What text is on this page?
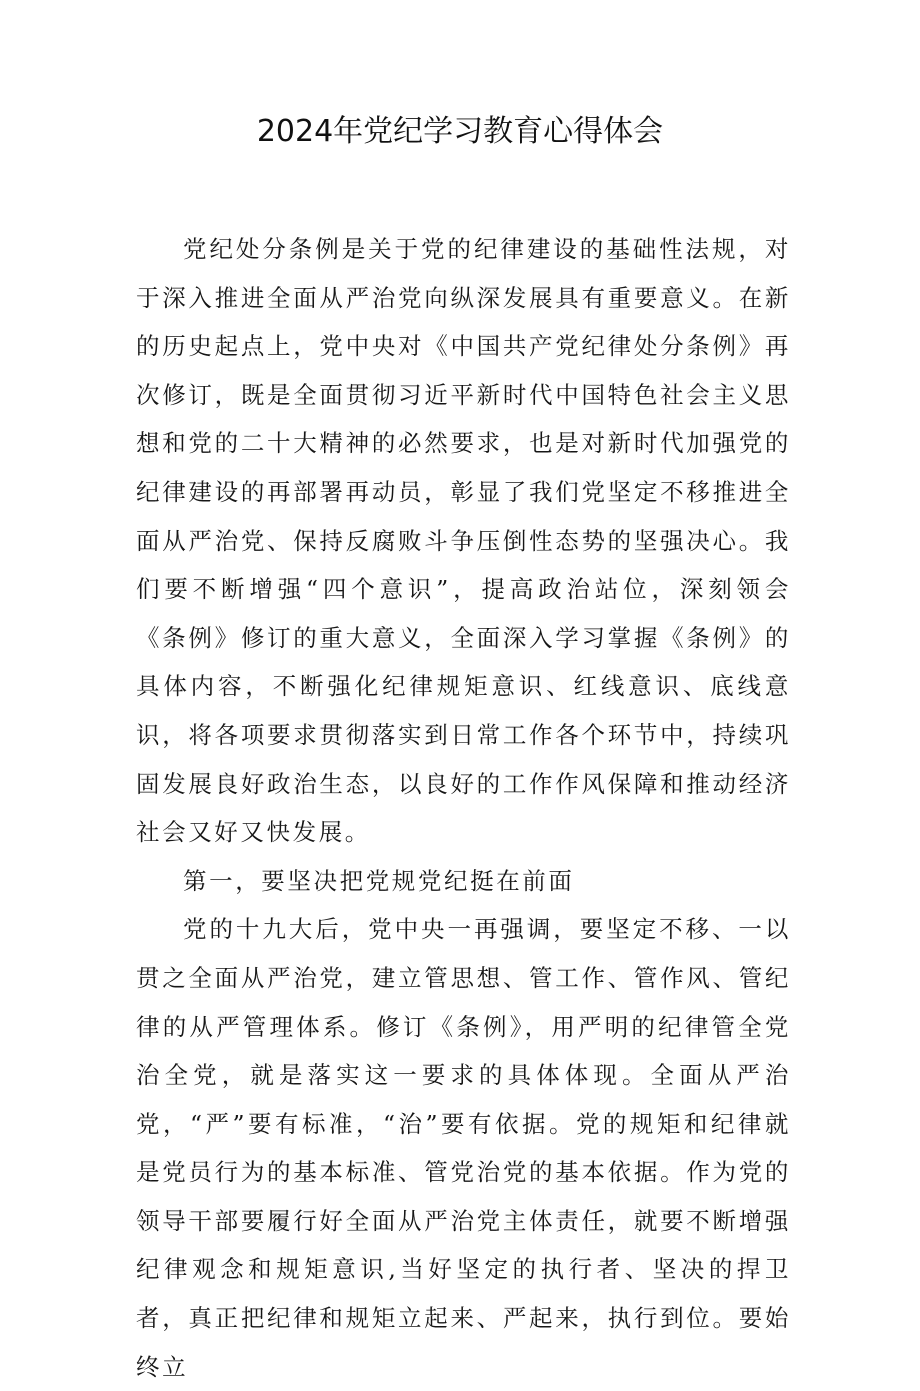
2024年党纪学习教育心得体会

党纪处分条例是关于党的纪律建设的基础性法规，对于深入推进全面从严治党向纵深发展具有重要意义。在新的历史起点上，党中央对《中国共产党纪律处分条例》再次修订，既是全面贯彻习近平新时代中国特色社会主义思想和党的二十大精神的必然要求，也是对新时代加强党的纪律建设的再部署再动员，彰显了我们党坚定不移推进全面从严治党、保持反腐败斗争压倒性态势的坚强决心。我们要不断增强“四个意识”，提高政治站位，深刻领会《条例》修订的重大意义，全面深入学习掌握《条例》的具体内容，不断强化纪律规矩意识、红线意识、底线意识，将各项要求贯彻落实到日常工作各个环节中，持续巩固发展良好政治生态，以良好的工作作风保障和推动经济社会又好又快发展。

第一，要坚决把党规党纪挺在前面

党的十九大后，党中央一再强调，要坚定不移、一以贯之全面从严治党，建立管思想、管工作、管作风、管纪律的从严管理体系。修订《条例》，用严明的纪律管全党治全党，就是落实这一要求的具体体现。全面从严治党，“严”要有标准，“治”要有依据。党的规矩和纪律就是党员行为的基本标准、管党治党的基本依据。作为党的领导干部要履行好全面从严治党主体责任，就要不断增强纪律观念和规矩意识,当好坚定的执行者、坚决的捍卫者，真正把纪律和规矩立起来、严起来，执行到位。要始终立
